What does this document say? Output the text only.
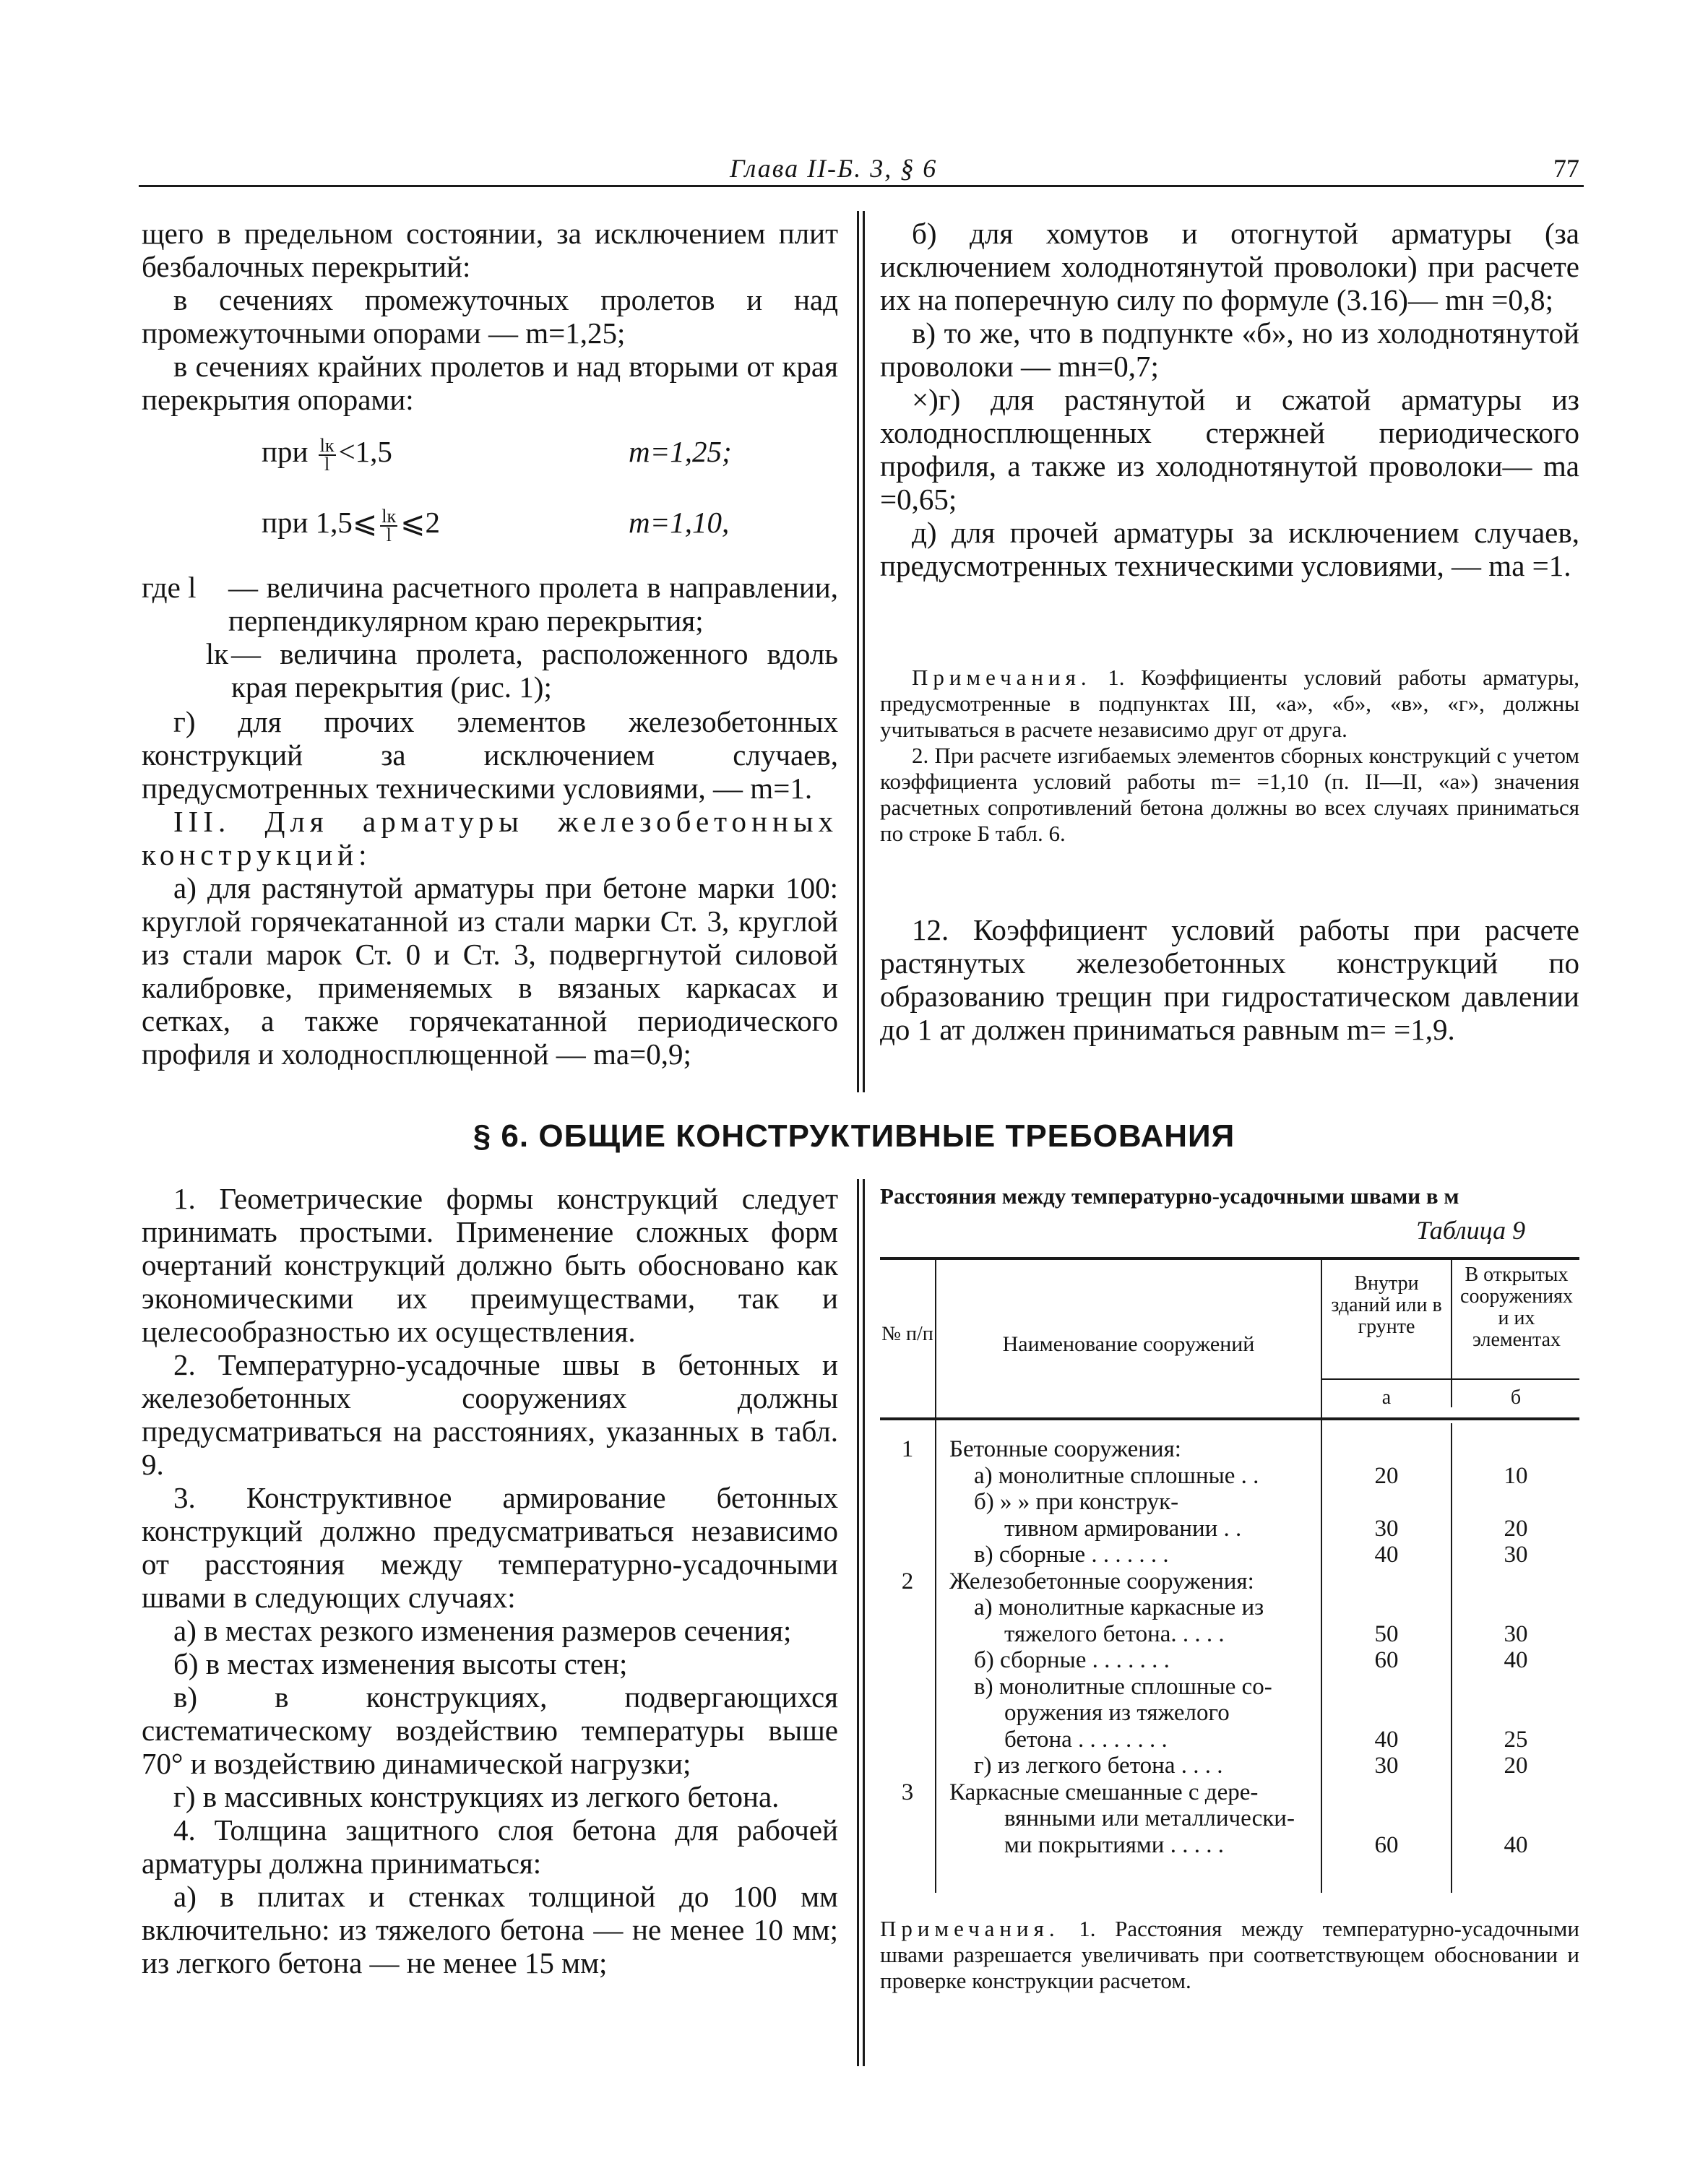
Глава II-Б. 3, § 6	77

щего в предельном состоянии, за исключением плит безбалочных перекрытий:

в сечениях промежуточных пролетов и над промежуточными опорами — m=1,25;

в сечениях крайних пролетов и над вторыми от края перекрытия опорами:

при $\frac{lк}{l} <1,5$	m=1,25;
при 1,5⩽ $\frac{lк}{l}$ ⩽2	m=1,10,
где l	— величина расчетного пролета в направлении, перпендикулярном краю перекрытия;
lк — величина пролета, расположенного вдоль края перекрытия (рис. 1);

г) для прочих элементов железобетонных конструкций за исключением случаев, предусмотренных техническими условиями, — m=1.

III. Для арматуры железобетонных конструкций:

а) для растянутой арматуры при бетоне марки 100: круглой горячекатанной из стали марки Ст. 3, круглой из стали марок Ст. 0 и Ст. 3, подвергнутой силовой калибровке, применяемых в вязаных каркасах и сетках, а также горячекатанной периодического профиля и холодносплющенной — mа=0,9;

б) для хомутов и отогнутой арматуры (за исключением холоднотянутой проволоки) при расчете их на поперечную силу по формуле (3.16)— mн =0,8;

в) то же, что в подпункте «б», но из холоднотянутой проволоки — mн=0,7;

×)г) для растянутой и сжатой арматуры из холодносплющенных стержней периодического профиля, а также из холоднотянутой проволоки— mа =0,65;

д) для прочей арматуры за исключением случаев, предусмотренных техническими условиями, — mа =1.

Примечания. 1. Коэффициенты условий работы арматуры, предусмотренные в подпунктах III, «а», «б», «в», «г», должны учитываться в расчете независимо друг от друга.

2. При расчете изгибаемых элементов сборных конструкций с учетом коэффициента условий работы m= =1,10 (п. II—II, «а») значения расчетных сопротивлений бетона должны во всех случаях приниматься по строке Б табл. 6.

12. Коэффициент условий работы при расчете растянутых железобетонных конструкций по образованию трещин при гидростатическом давлении до 1 ат должен приниматься равным m= =1,9.

§ 6. ОБЩИЕ КОНСТРУКТИВНЫЕ ТРЕБОВАНИЯ

1. Геометрические формы конструкций следует принимать простыми. Применение сложных форм очертаний конструкций должно быть обосновано как экономическими их преимуществами, так и целесообразностью их осуществления.

2. Температурно-усадочные швы в бетонных и железобетонных сооружениях должны предусматриваться на расстояниях, указанных в табл. 9.

3. Конструктивное армирование бетонных конструкций должно предусматриваться независимо от расстояния между температурно-усадочными швами в следующих случаях:

а) в местах резкого изменения размеров сечения;

б) в местах изменения высоты стен;

в) в конструкциях, подвергающихся систематическому воздействию температуры выше 70° и воздействию динамической нагрузки;

г) в массивных конструкциях из легкого бетона.

4. Толщина защитного слоя бетона для рабочей арматуры должна приниматься:

а) в плитах и стенках толщиной до 100 мм включительно: из тяжелого бетона — не менее 10 мм; из легкого бетона — не менее 15 мм;

Расстояния между температурно-усадочными швами в м
Таблица 9
№ п/п	Наименование сооружений
Внутри зданий или в грунте
В открытых сооружениях и их элементах
а	б
1	Бетонные сооружения:
а) монолитные сплошные . .	20	10
б) » » при конструк-
тивном армировании . .	30	20
в) сборные . . . . . . .	40	30
2	Железобетонные сооружения:
а) монолитные каркасные из
тяжелого бетона. . . . .	50	30
б) сборные . . . . . . .	60	40
в) монолитные сплошные со-
оружения из тяжелого
бетона . . . . . . . .	40	25
г) из легкого бетона . . . .	30	20
3	Каркасные смешанные с дере-
вянными или металлически-
ми покрытиями . . . . .	60	40
Примечания. 1. Расстояния между температурно-усадочными швами разрешается увеличивать при соответствующем обосновании и проверке конструкции расчетом.
